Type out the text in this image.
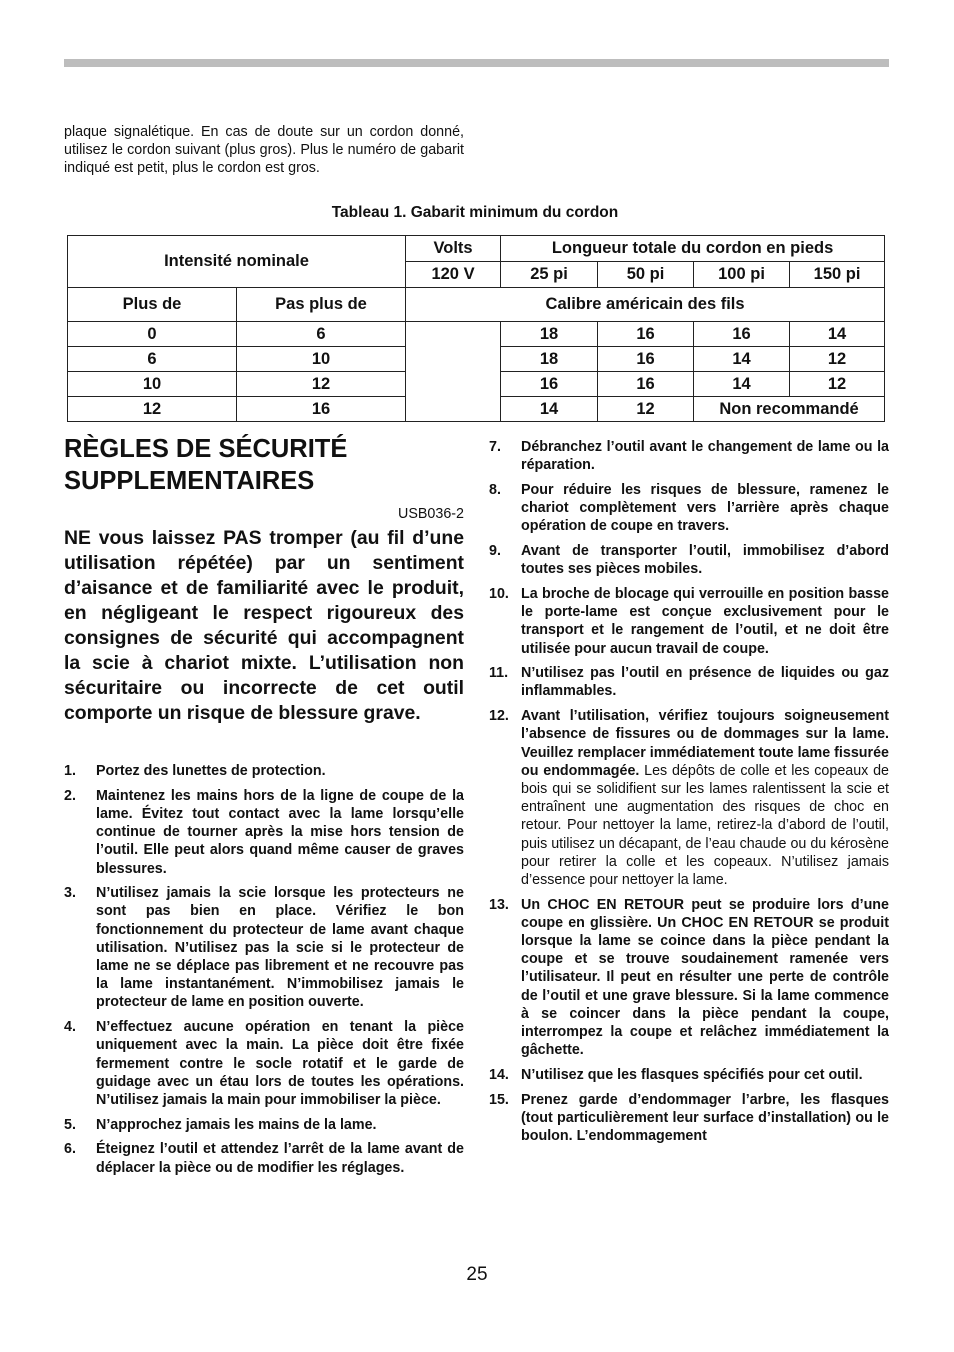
plaque signalétique. En cas de doute sur un cordon donné, utilisez le cordon suivant (plus gros). Plus le numéro de gabarit indiqué est petit, plus le cordon est gros.

Tableau 1. Gabarit minimum du cordon
Intensité nominale		Volts	Longueur totale du cordon en pieds			
		120 V	25 pi	50 pi	100 pi	150 pi
Plus de	Pas plus de	Calibre américain des fils				
0	6		18	16	16	14
6	10		18	16	14	12
10	12		16	16	14	12
12	16		14	12	Non recommandé	
RÈGLES DE SÉCURITÉ
SUPPLEMENTAIRES
USB036-2

NE vous laissez PAS tromper (au fil d’une utilisation répétée) par un sentiment d’aisance et de familiarité avec le produit, en négligeant le respect rigoureux des consignes de sécurité qui accompagnent la scie à chariot mixte. L’utilisation non sécuritaire ou incorrecte de cet outil comporte un risque de blessure grave.

1. Portez des lunettes de protection.
2. Maintenez les mains hors de la ligne de coupe de la lame. Évitez tout contact avec la lame lorsqu’elle continue de tourner après la mise hors tension de l’outil. Elle peut alors quand même causer de graves blessures.
3. N’utilisez jamais la scie lorsque les protecteurs ne sont pas bien en place. Vérifiez le bon fonctionnement du protecteur de lame avant chaque utilisation. N’utilisez pas la scie si le protecteur de lame ne se déplace pas librement et ne recouvre pas la lame instantanément. N’immobilisez jamais le protecteur de lame en position ouverte.
4. N’effectuez aucune opération en tenant la pièce uniquement avec la main. La pièce doit être fixée fermement contre le socle rotatif et le garde de guidage avec un étau lors de toutes les opérations. N’utilisez jamais la main pour immobiliser la pièce.
5. N’approchez jamais les mains de la lame.
6. Éteignez l’outil et attendez l’arrêt de la lame avant de déplacer la pièce ou de modifier les réglages.
7. Débranchez l’outil avant le changement de lame ou la réparation.
8. Pour réduire les risques de blessure, ramenez le chariot complètement vers l’arrière après chaque opération de coupe en travers.
9. Avant de transporter l’outil, immobilisez d’abord toutes ses pièces mobiles.
10. La broche de blocage qui verrouille en position basse le porte-lame est conçue exclusivement pour le transport et le rangement de l’outil, et ne doit être utilisée pour aucun travail de coupe.
11. N’utilisez pas l’outil en présence de liquides ou gaz inflammables.
12. Avant l’utilisation, vérifiez toujours soigneusement l’absence de fissures ou de dommages sur la lame. Veuillez remplacer immédiatement toute lame fissurée ou endommagée. Les dépôts de colle et les copeaux de bois qui se solidifient sur les lames ralentissent la scie et entraînent une augmentation des risques de choc en retour. Pour nettoyer la lame, retirez-la d’abord de l’outil, puis utilisez un décapant, de l’eau chaude ou du kérosène pour retirer la colle et les copeaux. N’utilisez jamais d’essence pour nettoyer la lame.
13. Un CHOC EN RETOUR peut se produire lors d’une coupe en glissière. Un CHOC EN RETOUR se produit lorsque la lame se coince dans la pièce pendant la coupe et se trouve soudainement ramenée vers l’utilisateur. Il peut en résulter une perte de contrôle de l’outil et une grave blessure. Si la lame commence à se coincer dans la pièce pendant la coupe, interrompez la coupe et relâchez immédiatement la gâchette.
14. N’utilisez que les flasques spécifiés pour cet outil.
15. Prenez garde d’endommager l’arbre, les flasques (tout particulièrement leur surface d’installation) ou le boulon. L’endommagement
25
